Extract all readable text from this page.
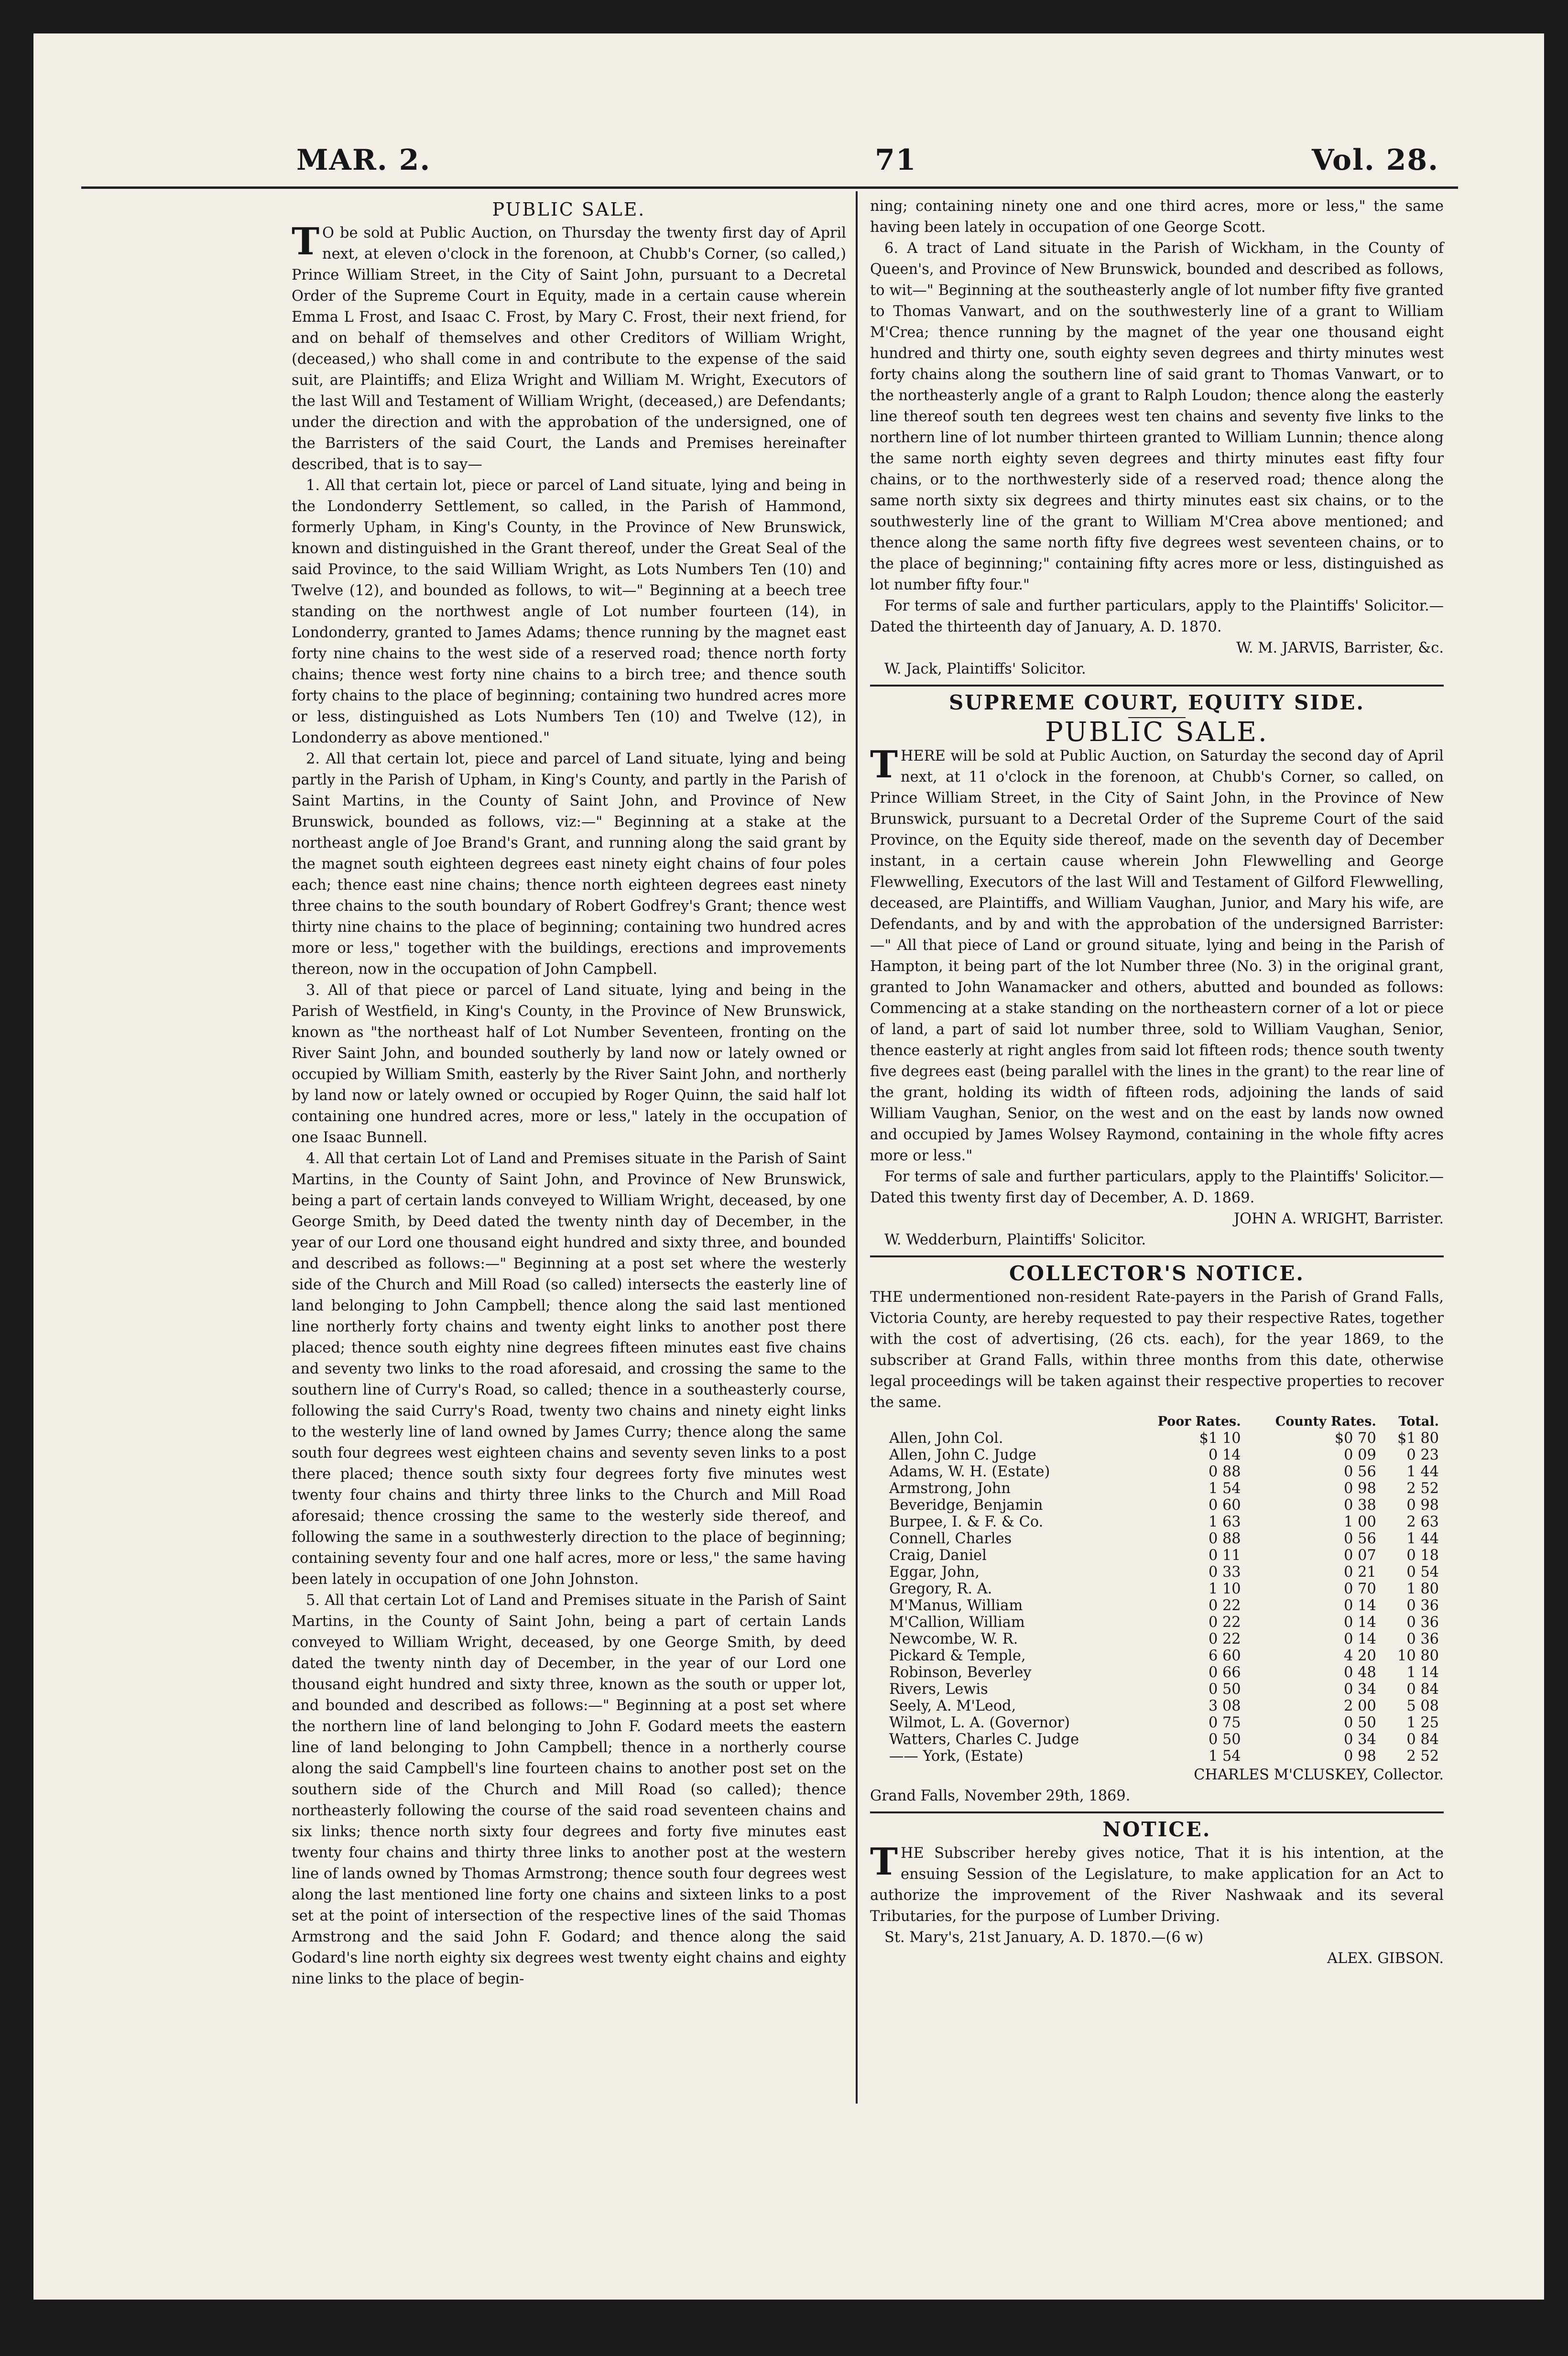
MAR. 2.	71	Vol. 28.
PUBLIC SALE.

T O be sold at Public Auction, on Thursday the twenty first day of April next, at eleven o'clock in the forenoon, at Chubb's Corner, (so called,) Prince William Street, in the City of Saint John, pursuant to a Decretal Order of the Supreme Court in Equity, made in a certain cause wherein Emma L Frost, and Isaac C. Frost, by Mary C. Frost, their next friend, for and on behalf of themselves and other Creditors of William Wright, (deceased,) who shall come in and contribute to the expense of the said suit, are Plaintiffs; and Eliza Wright and William M. Wright, Executors of the last Will and Testament of William Wright, (deceased,) are Defendants; under the direction and with the approbation of the undersigned, one of the Barristers of the said Court, the Lands and Premises hereinafter described, that is to say—

1. All that certain lot, piece or parcel of Land situate, lying and being in the Londonderry Settlement, so called, in the Parish of Hammond, formerly Upham, in King's County, in the Province of New Brunswick, known and distinguished in the Grant thereof, under the Great Seal of the said Province, to the said William Wright, as Lots Numbers Ten (10) and Twelve (12), and bounded as follows, to wit—" Beginning at a beech tree standing on the northwest angle of Lot number fourteen (14), in Londonderry, granted to James Adams; thence running by the magnet east forty nine chains to the west side of a reserved road; thence north forty chains; thence west forty nine chains to a birch tree; and thence south forty chains to the place of beginning; containing two hundred acres more or less, distinguished as Lots Numbers Ten (10) and Twelve (12), in Londonderry as above mentioned."

2. All that certain lot, piece and parcel of Land situate, lying and being partly in the Parish of Upham, in King's County, and partly in the Parish of Saint Martins, in the County of Saint John, and Province of New Brunswick, bounded as follows, viz:—" Beginning at a stake at the northeast angle of Joe Brand's Grant, and running along the said grant by the magnet south eighteen degrees east ninety eight chains of four poles each; thence east nine chains; thence north eighteen degrees east ninety three chains to the south boundary of Robert Godfrey's Grant; thence west thirty nine chains to the place of beginning; containing two hundred acres more or less," together with the buildings, erections and improvements thereon, now in the occupation of John Campbell.

3. All of that piece or parcel of Land situate, lying and being in the Parish of Westfield, in King's County, in the Province of New Brunswick, known as "the northeast half of Lot Number Seventeen, fronting on the River Saint John, and bounded southerly by land now or lately owned or occupied by William Smith, easterly by the River Saint John, and northerly by land now or lately owned or occupied by Roger Quinn, the said half lot containing one hundred acres, more or less," lately in the occupation of one Isaac Bunnell.

4. All that certain Lot of Land and Premises situate in the Parish of Saint Martins, in the County of Saint John, and Province of New Brunswick, being a part of certain lands conveyed to William Wright, deceased, by one George Smith, by Deed dated the twenty ninth day of December, in the year of our Lord one thousand eight hundred and sixty three, and bounded and described as follows:—" Beginning at a post set where the westerly side of the Church and Mill Road (so called) intersects the easterly line of land belonging to John Campbell; thence along the said last mentioned line northerly forty chains and twenty eight links to another post there placed; thence south eighty nine degrees fifteen minutes east five chains and seventy two links to the road aforesaid, and crossing the same to the southern line of Curry's Road, so called; thence in a southeasterly course, following the said Curry's Road, twenty two chains and ninety eight links to the westerly line of land owned by James Curry; thence along the same south four degrees west eighteen chains and seventy seven links to a post there placed; thence south sixty four degrees forty five minutes west twenty four chains and thirty three links to the Church and Mill Road aforesaid; thence crossing the same to the westerly side thereof, and following the same in a southwesterly direction to the place of beginning; containing seventy four and one half acres, more or less," the same having been lately in occupation of one John Johnston.

5. All that certain Lot of Land and Premises situate in the Parish of Saint Martins, in the County of Saint John, being a part of certain Lands conveyed to William Wright, deceased, by one George Smith, by deed dated the twenty ninth day of December, in the year of our Lord one thousand eight hundred and sixty three, known as the south or upper lot, and bounded and described as follows:—" Beginning at a post set where the northern line of land belonging to John F. Godard meets the eastern line of land belonging to John Campbell; thence in a northerly course along the said Campbell's line fourteen chains to another post set on the southern side of the Church and Mill Road (so called); thence northeasterly following the course of the said road seventeen chains and six links; thence north sixty four degrees and forty five minutes east twenty four chains and thirty three links to another post at the western line of lands owned by Thomas Armstrong; thence south four degrees west along the last mentioned line forty one chains and sixteen links to a post set at the point of intersection of the respective lines of the said Thomas Armstrong and the said John F. Godard; and thence along the said Godard's line north eighty six degrees west twenty eight chains and eighty nine links to the place of begin-

ning; containing ninety one and one third acres, more or less," the same having been lately in occupation of one George Scott.

6. A tract of Land situate in the Parish of Wickham, in the County of Queen's, and Province of New Brunswick, bounded and described as follows, to wit—" Beginning at the southeasterly angle of lot number fifty five granted to Thomas Vanwart, and on the southwesterly line of a grant to William M'Crea; thence running by the magnet of the year one thousand eight hundred and thirty one, south eighty seven degrees and thirty minutes west forty chains along the southern line of said grant to Thomas Vanwart, or to the northeasterly angle of a grant to Ralph Loudon; thence along the easterly line thereof south ten degrees west ten chains and seventy five links to the northern line of lot number thirteen granted to William Lunnin; thence along the same north eighty seven degrees and thirty minutes east fifty four chains, or to the northwesterly side of a reserved road; thence along the same north sixty six degrees and thirty minutes east six chains, or to the southwesterly line of the grant to William M'Crea above mentioned; and thence along the same north fifty five degrees west seventeen chains, or to the place of beginning;" containing fifty acres more or less, distinguished as lot number fifty four."

For terms of sale and further particulars, apply to the Plaintiffs' Solicitor.—Dated the thirteenth day of January, A. D. 1870.

W. M. JARVIS, Barrister, &c.

W. Jack, Plaintiffs' Solicitor.

SUPREME COURT, EQUITY SIDE.
PUBLIC SALE.

THERE will be sold at Public Auction, on Saturday the second day of April next, at 11 o'clock in the forenoon, at Chubb's Corner, so called, on Prince William Street, in the City of Saint John, in the Province of New Brunswick, pursuant to a Decretal Order of the Supreme Court of the said Province, on the Equity side thereof, made on the seventh day of December instant, in a certain cause wherein John Flewwelling and George Flewwelling, Executors of the last Will and Testament of Gilford Flewwelling, deceased, are Plaintiffs, and William Vaughan, Junior, and Mary his wife, are Defendants, and by and with the approbation of the undersigned Barrister:—" All that piece of Land or ground situate, lying and being in the Parish of Hampton, it being part of the lot Number three (No. 3) in the original grant, granted to John Wanamacker and others, abutted and bounded as follows: Commencing at a stake standing on the northeastern corner of a lot or piece of land, a part of said lot number three, sold to William Vaughan, Senior, thence easterly at right angles from said lot fifteen rods; thence south twenty five degrees east (being parallel with the lines in the grant) to the rear line of the grant, holding its width of fifteen rods, adjoining the lands of said William Vaughan, Senior, on the west and on the east by lands now owned and occupied by James Wolsey Raymond, containing in the whole fifty acres more or less."

For terms of sale and further particulars, apply to the Plaintiffs' Solicitor.—Dated this twenty first day of December, A. D. 1869.

JOHN A. WRIGHT, Barrister.

W. Wedderburn, Plaintiffs' Solicitor.

COLLECTOR'S NOTICE.

THE undermentioned non-resident Rate-payers in the Parish of Grand Falls, Victoria County, are hereby requested to pay their respective Rates, together with the cost of advertising, (26 cts. each), for the year 1869, to the subscriber at Grand Falls, within three months from this date, otherwise legal proceedings will be taken against their respective properties to recover the same.

	Poor Rates.	County Rates.	Total.
Allen, John Col.	$1 10	$0 70	$1 80
Allen, John C. Judge	0 14	0 09	0 23
Adams, W. H. (Estate)	0 88	0 56	1 44
Armstrong, John	1 54	0 98	2 52
Beveridge, Benjamin	0 60	0 38	0 98
Burpee, I. & F. & Co.	1 63	1 00	2 63
Connell, Charles	0 88	0 56	1 44
Craig, Daniel	0 11	0 07	0 18
Eggar, John,	0 33	0 21	0 54
Gregory, R. A.	1 10	0 70	1 80
M'Manus, William	0 22	0 14	0 36
M'Callion, William	0 22	0 14	0 36
Newcombe, W. R.	0 22	0 14	0 36
Pickard & Temple,	6 60	4 20	10 80
Robinson, Beverley	0 66	0 48	1 14
Rivers, Lewis	0 50	0 34	0 84
Seely, A. M'Leod,	3 08	2 00	5 08
Wilmot, L. A. (Governor)	0 75	0 50	1 25
Watters, Charles C. Judge	0 50	0 34	0 84
—— York, (Estate)	1 54	0 98	2 52

CHARLES M'CLUSKEY, Collector.

Grand Falls, November 29th, 1869.

NOTICE.

THE Subscriber hereby gives notice, That it is his intention, at the ensuing Session of the Legislature, to make application for an Act to authorize the improvement of the River Nashwaak and its several Tributaries, for the purpose of Lumber Driving.

St. Mary's, 21st January, A. D. 1870.—(6 w)

ALEX. GIBSON.
